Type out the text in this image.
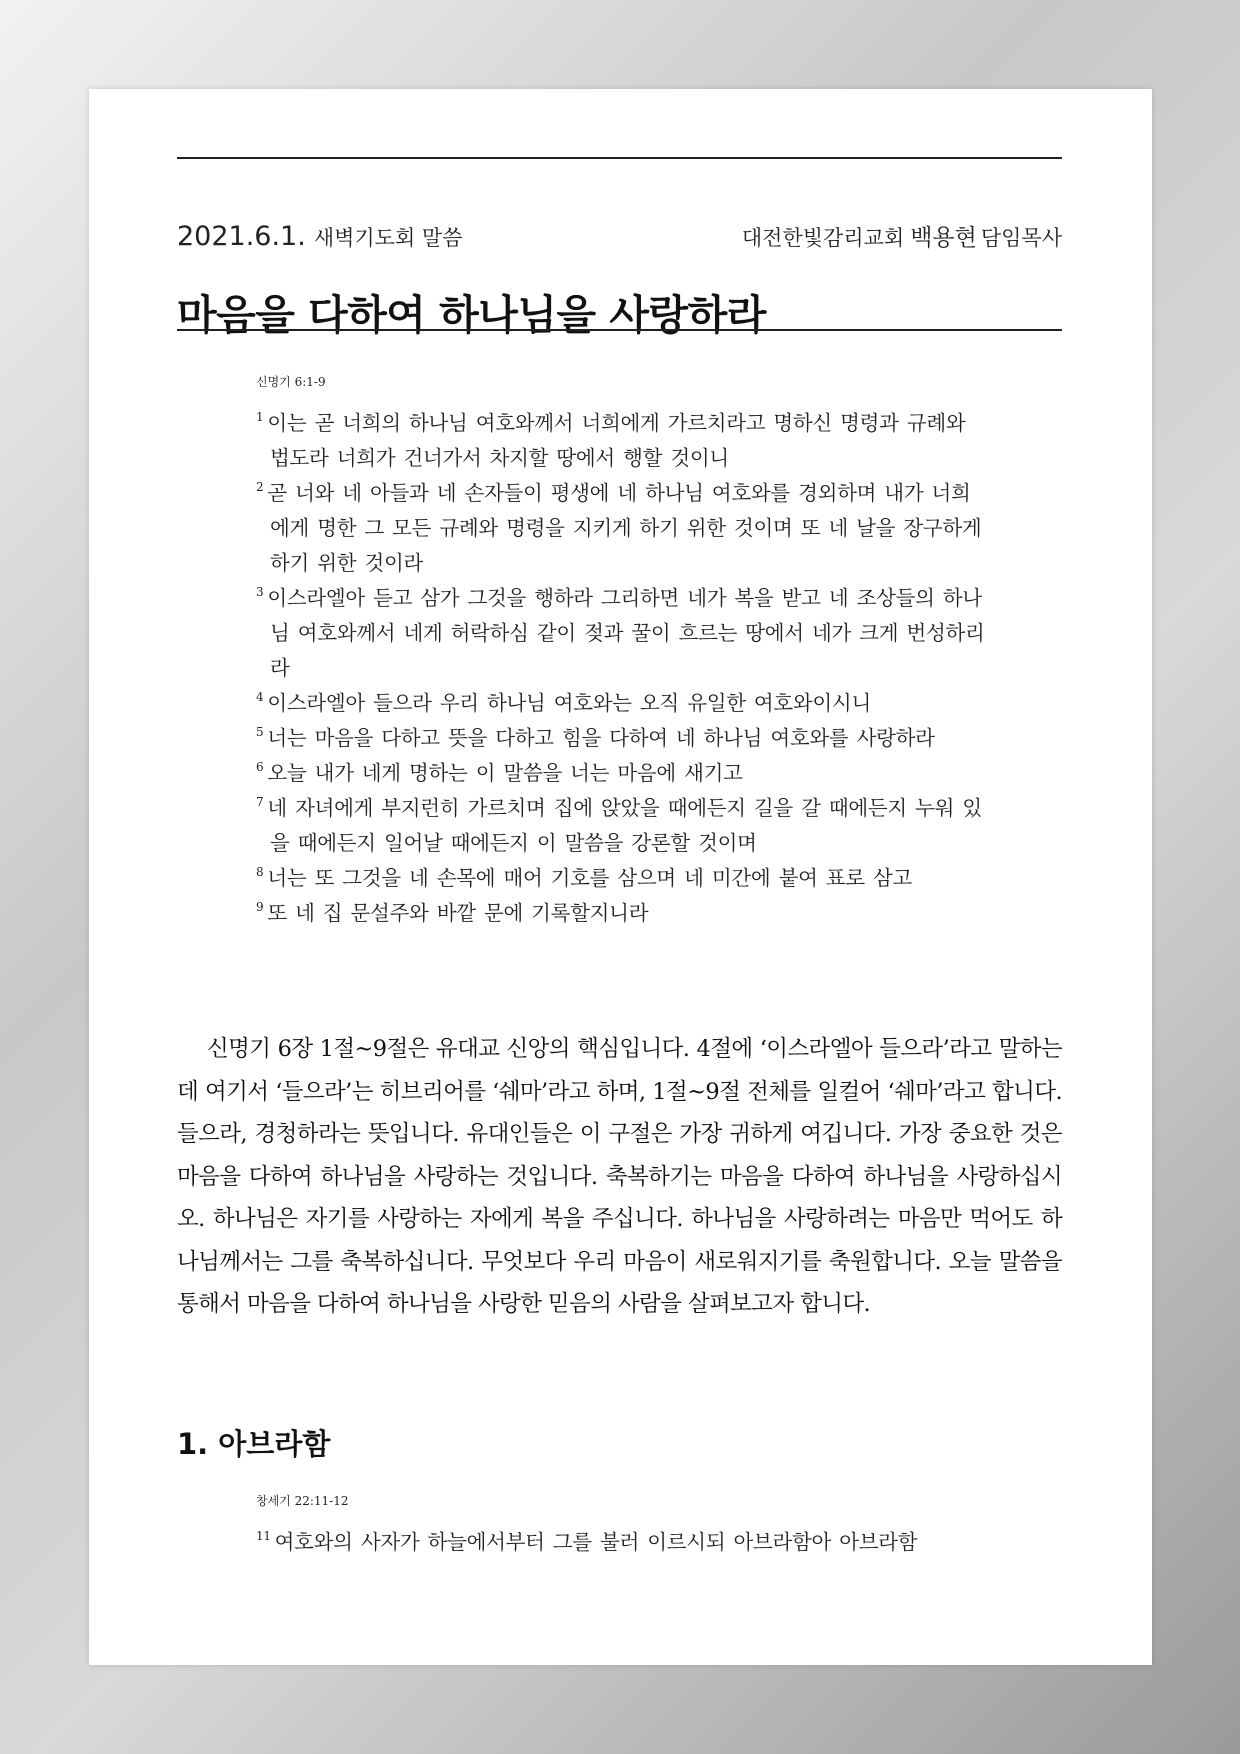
2021.6.1. 새벽기도회 말씀	대전한빛감리교회 백용현 담임목사
마음을 다하여 하나님을 사랑하라
신명기 6:1-9
$^1$ 이는 곧 너희의 하나님 여호와께서 너희에게 가르치라고 명하신 명령과 규례와 법도라 너희가 건너가서 차지할 땅에서 행할 것이니
$^2$ 곧 너와 네 아들과 네 손자들이 평생에 네 하나님 여호와를 경외하며 내가 너희에게 명한 그 모든 규례와 명령을 지키게 하기 위한 것이며 또 네 날을 장구하게 하기 위한 것이라
$^3$ 이스라엘아 듣고 삼가 그것을 행하라 그리하면 네가 복을 받고 네 조상들의 하나님 여호와께서 네게 허락하심 같이 젖과 꿀이 흐르는 땅에서 네가 크게 번성하리라
$^4$ 이스라엘아 들으라 우리 하나님 여호와는 오직 유일한 여호와이시니
$^5$ 너는 마음을 다하고 뜻을 다하고 힘을 다하여 네 하나님 여호와를 사랑하라
$^6$ 오늘 내가 네게 명하는 이 말씀을 너는 마음에 새기고
$^7$ 네 자녀에게 부지런히 가르치며 집에 앉았을 때에든지 길을 갈 때에든지 누워 있을 때에든지 일어날 때에든지 이 말씀을 강론할 것이며
$^8$ 너는 또 그것을 네 손목에 매어 기호를 삼으며 네 미간에 붙여 표로 삼고
$^9$ 또 네 집 문설주와 바깥 문에 기록할지니라

신명기 6장 1절~9절은 유대교 신앙의 핵심입니다. 4절에 ‘이스라엘아 들으라’라고 말하는데 여기서 ‘들으라’는 히브리어를 ‘쉐마’라고 하며, 1절~9절 전체를 일컬어 ‘쉐마’라고 합니다. 들으라, 경청하라는 뜻입니다. 유대인들은 이 구절은 가장 귀하게 여깁니다. 가장 중요한 것은 마음을 다하여 하나님을 사랑하는 것입니다. 축복하기는 마음을 다하여 하나님을 사랑하십시오. 하나님은 자기를 사랑하는 자에게 복을 주십니다. 하나님을 사랑하려는 마음만 먹어도 하나님께서는 그를 축복하십니다. 무엇보다 우리 마음이 새로워지기를 축원합니다. 오늘 말씀을 통해서 마음을 다하여 하나님을 사랑한 믿음의 사람을 살펴보고자 합니다.

1. 아브라함
창세기 22:11-12
$^{11}$ 여호와의 사자가 하늘에서부터 그를 불러 이르시되 아브라함아 아브라함
